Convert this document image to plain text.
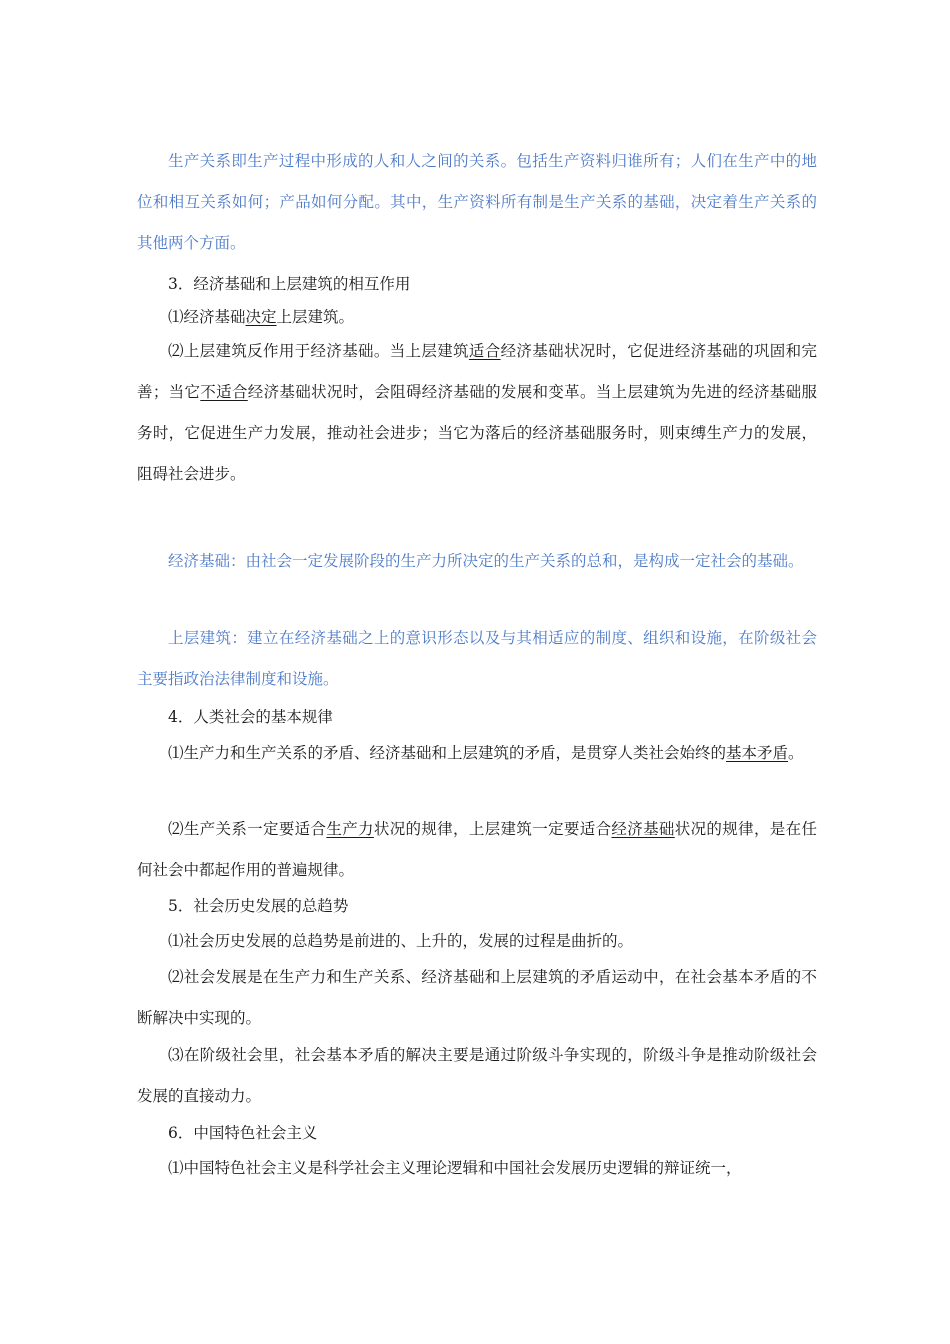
生产关系即生产过程中形成的人和人之间的关系。包括生产资料归谁所有；人们在生产中的地位和相互关系如何；产品如何分配。其中，生产资料所有制是生产关系的基础，决定着生产关系的其他两个方面。

3．经济基础和上层建筑的相互作用

⑴经济基础决定上层建筑。

⑵上层建筑反作用于经济基础。当上层建筑适合经济基础状况时，它促进经济基础的巩固和完善；当它不适合经济基础状况时，会阻碍经济基础的发展和变革。当上层建筑为先进的经济基础服务时，它促进生产力发展，推动社会进步；当它为落后的经济基础服务时，则束缚生产力的发展，阻碍社会进步。

经济基础：由社会一定发展阶段的生产力所决定的生产关系的总和，是构成一定社会的基础。

上层建筑：建立在经济基础之上的意识形态以及与其相适应的制度、组织和设施，在阶级社会主要指政治法律制度和设施。

4．人类社会的基本规律

⑴生产力和生产关系的矛盾、经济基础和上层建筑的矛盾，是贯穿人类社会始终的基本矛盾。

⑵生产关系一定要适合生产力状况的规律，上层建筑一定要适合经济基础状况的规律，是在任何社会中都起作用的普遍规律。

5．社会历史发展的总趋势

⑴社会历史发展的总趋势是前进的、上升的，发展的过程是曲折的。

⑵社会发展是在生产力和生产关系、经济基础和上层建筑的矛盾运动中，在社会基本矛盾的不断解决中实现的。

⑶在阶级社会里，社会基本矛盾的解决主要是通过阶级斗争实现的，阶级斗争是推动阶级社会发展的直接动力。

6．中国特色社会主义

⑴中国特色社会主义是科学社会主义理论逻辑和中国社会发展历史逻辑的辩证统一，
